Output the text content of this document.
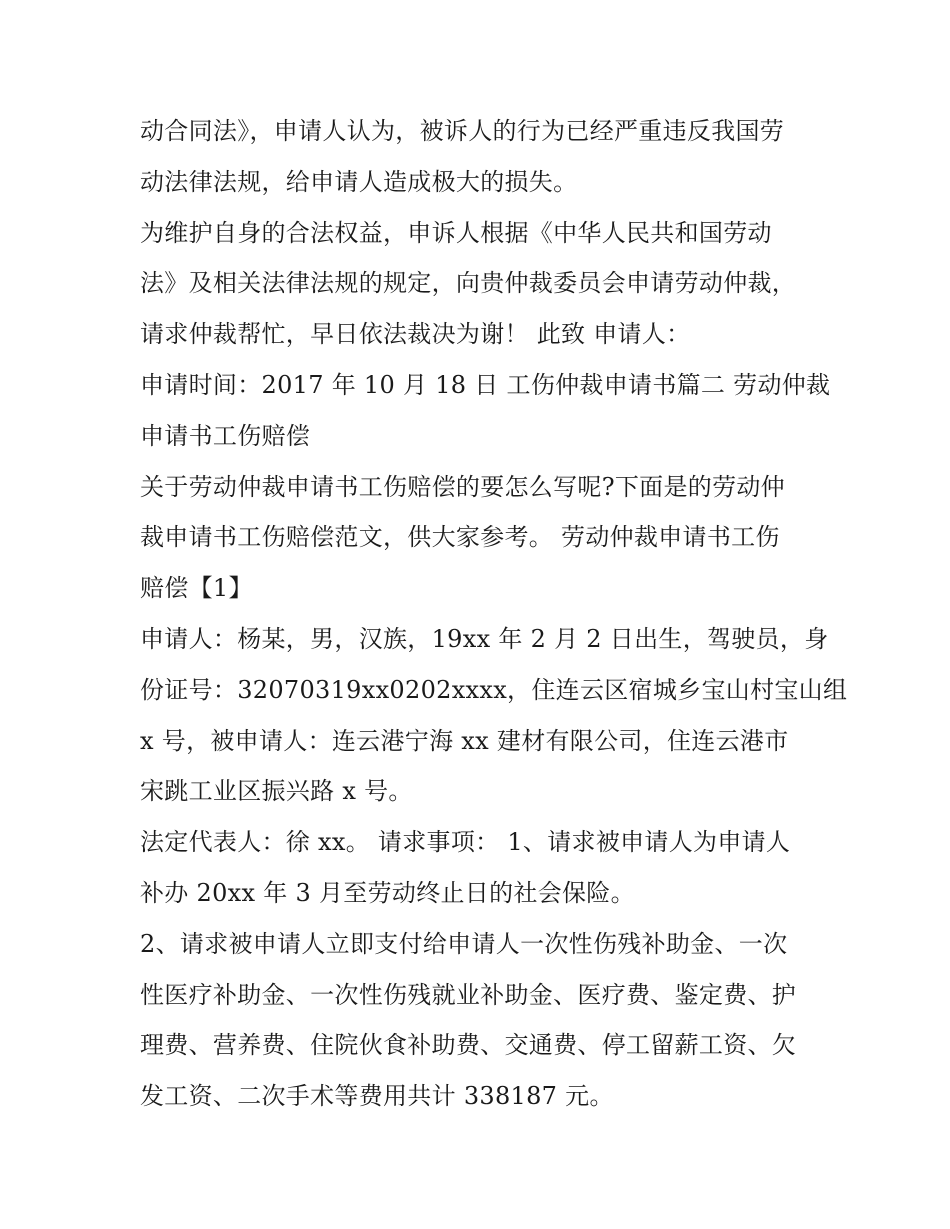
动合同法》，申请人认为，被诉人的行为已经严重违反我国劳
动法律法规，给申请人造成极大的损失。
为维护自身的合法权益，申诉人根据《中华人民共和国劳动
法》及相关法律法规的规定，向贵仲裁委员会申请劳动仲裁，
请求仲裁帮忙，早日依法裁决为谢！ 此致 申请人：
申请时间：2017 年 10 月 18 日 工伤仲裁申请书篇二 劳动仲裁
申请书工伤赔偿
关于劳动仲裁申请书工伤赔偿的要怎么写呢?下面是的劳动仲
裁申请书工伤赔偿范文，供大家参考。 劳动仲裁申请书工伤
赔偿【1】
申请人：杨某，男，汉族，19xx 年 2 月 2 日出生，驾驶员，身
份证号：32070319xx0202xxxx，住连云区宿城乡宝山村宝山组
x 号，被申请人：连云港宁海 xx 建材有限公司，住连云港市
宋跳工业区振兴路 x 号。
法定代表人：徐 xx。 请求事项： 1、请求被申请人为申请人
补办 20xx 年 3 月至劳动终止日的社会保险。
2、请求被申请人立即支付给申请人一次性伤残补助金、一次
性医疗补助金、一次性伤残就业补助金、医疗费、鉴定费、护
理费、营养费、住院伙食补助费、交通费、停工留薪工资、欠
发工资、二次手术等费用共计 338187 元。
